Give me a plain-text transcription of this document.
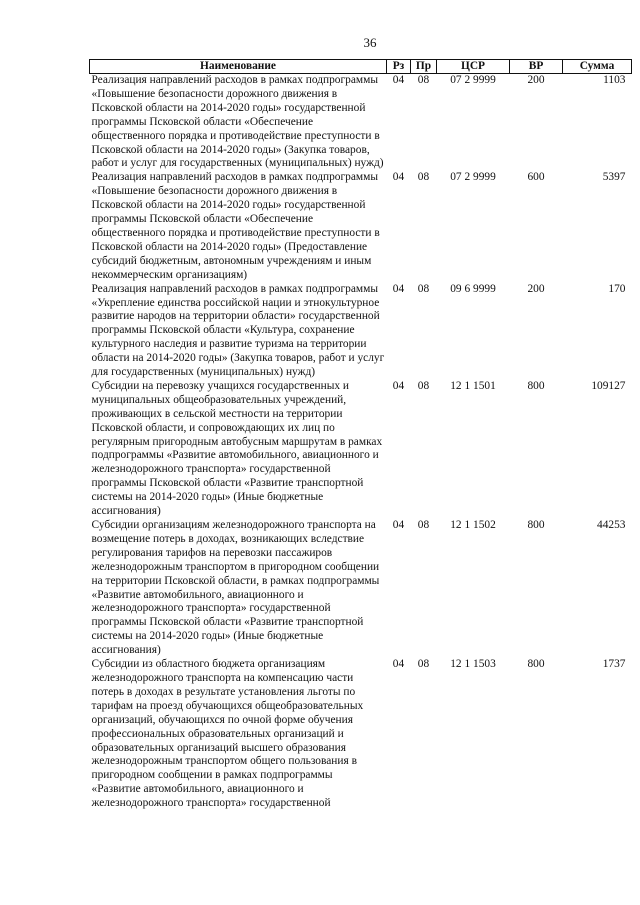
36
Наименование	Рз	Пр	ЦСР	ВР	Сумма
Реализация направлений расходов в рамках подпрограммы «Повышение безопасности дорожного движения в Псковской области на 2014-2020 годы» государственной программы Псковской области «Обеспечение общественного порядка и противодействие преступности в Псковской области на 2014-2020 годы» (Закупка товаров, работ и услуг для государственных (муниципальных) нужд)	04	08	07 2 9999	200	1103
Реализация направлений расходов в рамках подпрограммы «Повышение безопасности дорожного движения в Псковской области на 2014-2020 годы» государственной программы Псковской области «Обеспечение общественного порядка и противодействие преступности в Псковской области на 2014-2020 годы» (Предоставление субсидий бюджетным, автономным учреждениям и иным некоммерческим организациям)	04	08	07 2 9999	600	5397
Реализация направлений расходов в рамках подпрограммы «Укрепление единства российской нации и этнокультурное развитие народов на территории области» государственной программы Псковской области «Культура, сохранение культурного наследия и развитие туризма на территории области на 2014-2020 годы» (Закупка товаров, работ и услуг для государственных (муниципальных) нужд)	04	08	09 6 9999	200	170
Субсидии на перевозку учащихся государственных и муниципальных общеобразовательных учреждений, проживающих в сельской местности на территории Псковской области, и сопровождающих их лиц по регулярным пригородным автобусным маршрутам в рамках подпрограммы «Развитие автомобильного, авиационного и железнодорожного транспорта» государственной программы Псковской области «Развитие транспортной системы на 2014-2020 годы» (Иные бюджетные ассигнования)	04	08	12 1 1501	800	109127
Субсидии организациям железнодорожного транспорта на возмещение потерь в доходах, возникающих вследствие регулирования тарифов на перевозки пассажиров железнодорожным транспортом в пригородном сообщении на территории Псковской области, в рамках подпрограммы «Развитие автомобильного, авиационного и железнодорожного транспорта» государственной программы Псковской области «Развитие транспортной системы на 2014-2020 годы» (Иные бюджетные ассигнования)	04	08	12 1 1502	800	44253
Субсидии из областного бюджета организациям железнодорожного транспорта на компенсацию части потерь в доходах в результате установления льготы по тарифам на проезд обучающихся общеобразовательных организаций, обучающихся по очной форме обучения профессиональных образовательных организаций и образовательных организаций высшего образования железнодорожным транспортом общего пользования в пригородном сообщении в рамках подпрограммы «Развитие автомобильного, авиационного и железнодорожного транспорта» государственной	04	08	12 1 1503	800	1737
